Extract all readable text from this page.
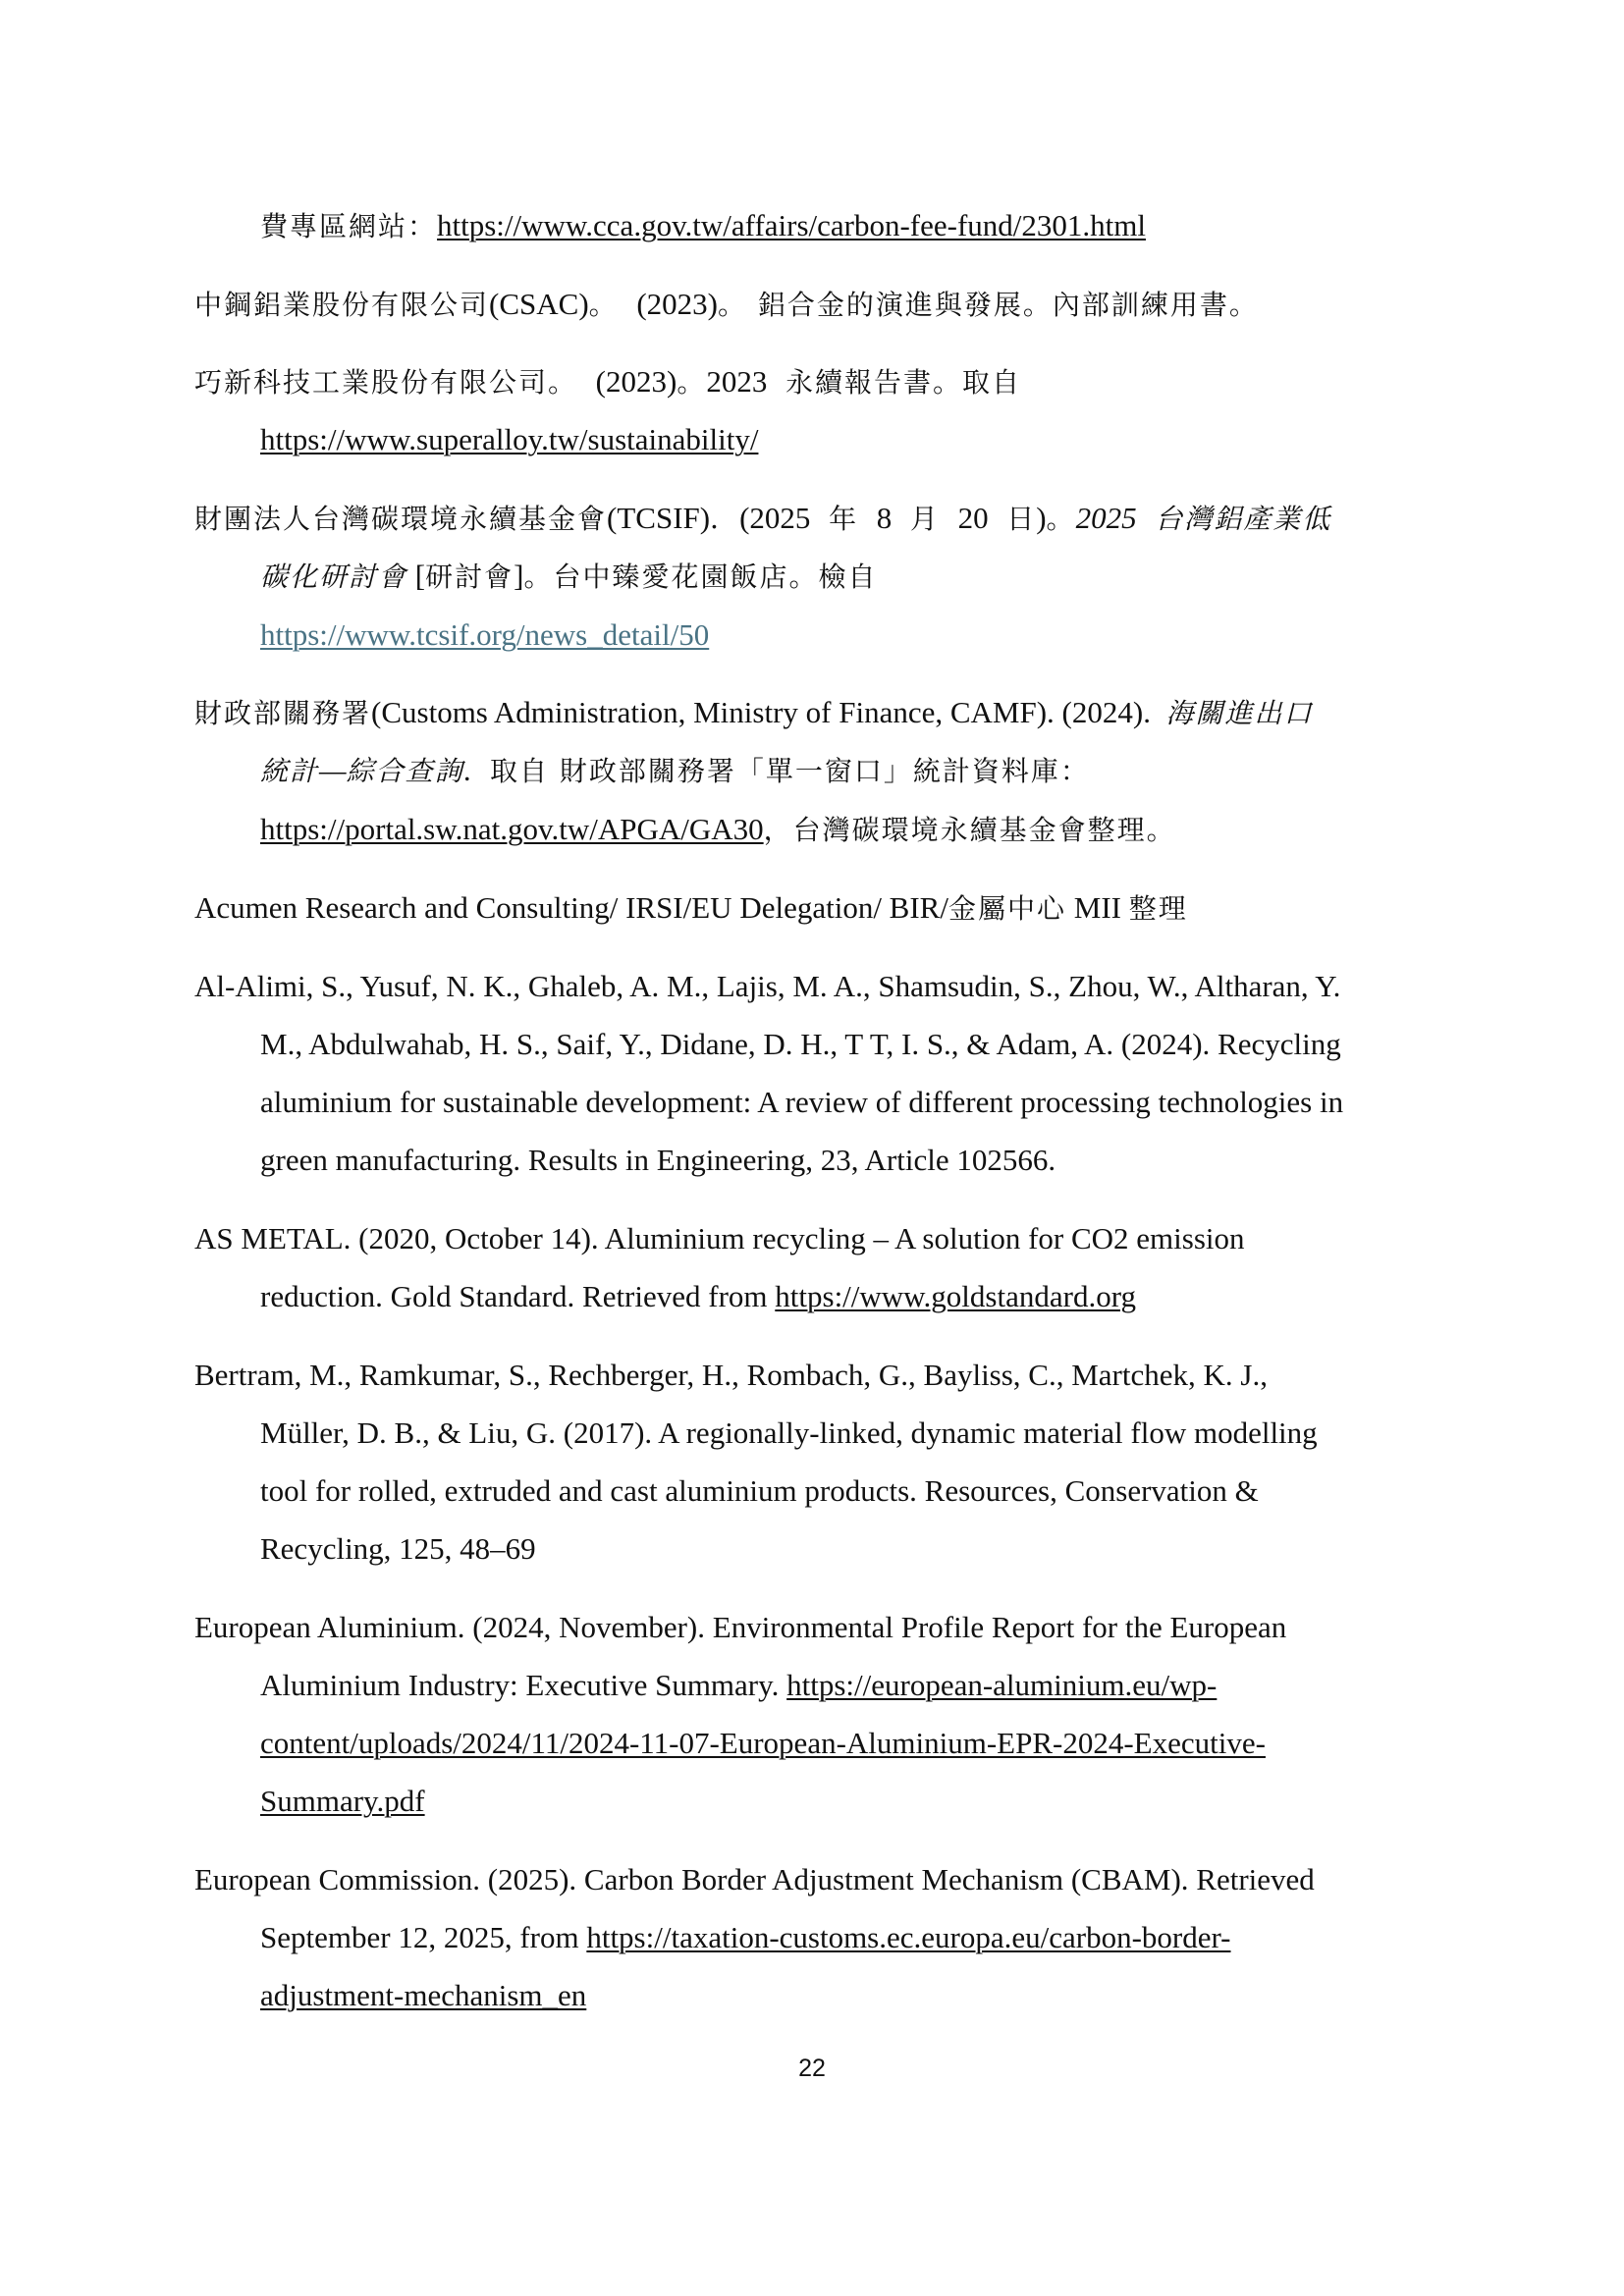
費專區網站：https://www.cca.gov.tw/affairs/carbon-fee-fund/2301.html
中鋼鋁業股份有限公司(CSAC)。  (2023)。 鋁合金的演進與發展。內部訓練用書。
巧新科技工業股份有限公司。  (2023)。2023  永續報告書。取自
https://www.superalloy.tw/sustainability/
財團法人台灣碳環境永續基金會(TCSIF)．(2025  年  8  月  20  日)。2025  台灣鋁產業低
碳化研討會 [研討會]。台中臻愛花園飯店。檢自
https://www.tcsif.org/news_detail/50
財政部關務署(Customs Administration, Ministry of Finance, CAMF). (2024).  海關進出口
統計—綜合查詢.  取自 財政部關務署「單一窗口」統計資料庫：
https://portal.sw.nat.gov.tw/APGA/GA30，台灣碳環境永續基金會整理。
Acumen Research and Consulting/ IRSI/EU Delegation/ BIR/金屬中心 MII 整理
Al-Alimi, S., Yusuf, N. K., Ghaleb, A. M., Lajis, M. A., Shamsudin, S., Zhou, W., Altharan, Y.
M., Abdulwahab, H. S., Saif, Y., Didane, D. H., T T, I. S., & Adam, A. (2024). Recycling
aluminium for sustainable development: A review of different processing technologies in
green manufacturing. Results in Engineering, 23, Article 102566.
AS METAL. (2020, October 14). Aluminium recycling – A solution for CO2 emission
reduction. Gold Standard. Retrieved from https://www.goldstandard.org
Bertram, M., Ramkumar, S., Rechberger, H., Rombach, G., Bayliss, C., Martchek, K. J.,
Müller, D. B., & Liu, G. (2017). A regionally-linked, dynamic material flow modelling
tool for rolled, extruded and cast aluminium products. Resources, Conservation &
Recycling, 125, 48–69
European Aluminium. (2024, November). Environmental Profile Report for the European
Aluminium Industry: Executive Summary. https://european-aluminium.eu/wp-
content/uploads/2024/11/2024-11-07-European-Aluminium-EPR-2024-Executive-
Summary.pdf
European Commission. (2025). Carbon Border Adjustment Mechanism (CBAM). Retrieved
September 12, 2025, from https://taxation-customs.ec.europa.eu/carbon-border-
adjustment-mechanism_en
22
